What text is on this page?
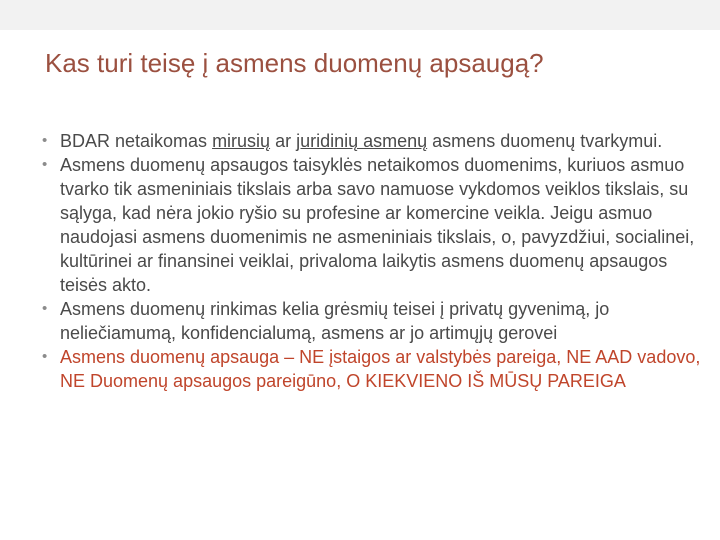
Kas turi teisę į asmens duomenų apsaugą?
• BDAR netaikomas mirusių ar juridinių asmenų asmens duomenų tvarkymui.
• Asmens duomenų apsaugos taisyklės netaikomos duomenims, kuriuos asmuo tvarko tik asmeniniais tikslais arba savo namuose vykdomos veiklos tikslais, su sąlyga, kad nėra jokio ryšio su profesine ar komercine veikla. Jeigu asmuo naudojasi asmens duomenimis ne asmeniniais tikslais, o, pavyzdžiui, socialinei, kultūrinei ar finansinei veiklai, privaloma laikytis asmens duomenų apsaugos teisės akto.
• Asmens duomenų rinkimas kelia grėsmių teisei į privatų gyvenimą, jo neliečiamumą, konfidencialumą, asmens ar jo artimųjų gerovei
• Asmens duomenų apsauga – NE įstaigos ar valstybės pareiga, NE AAD vadovo, NE Duomenų apsaugos pareigūno, O KIEKVIENO IŠ MŪSŲ PAREIGA
